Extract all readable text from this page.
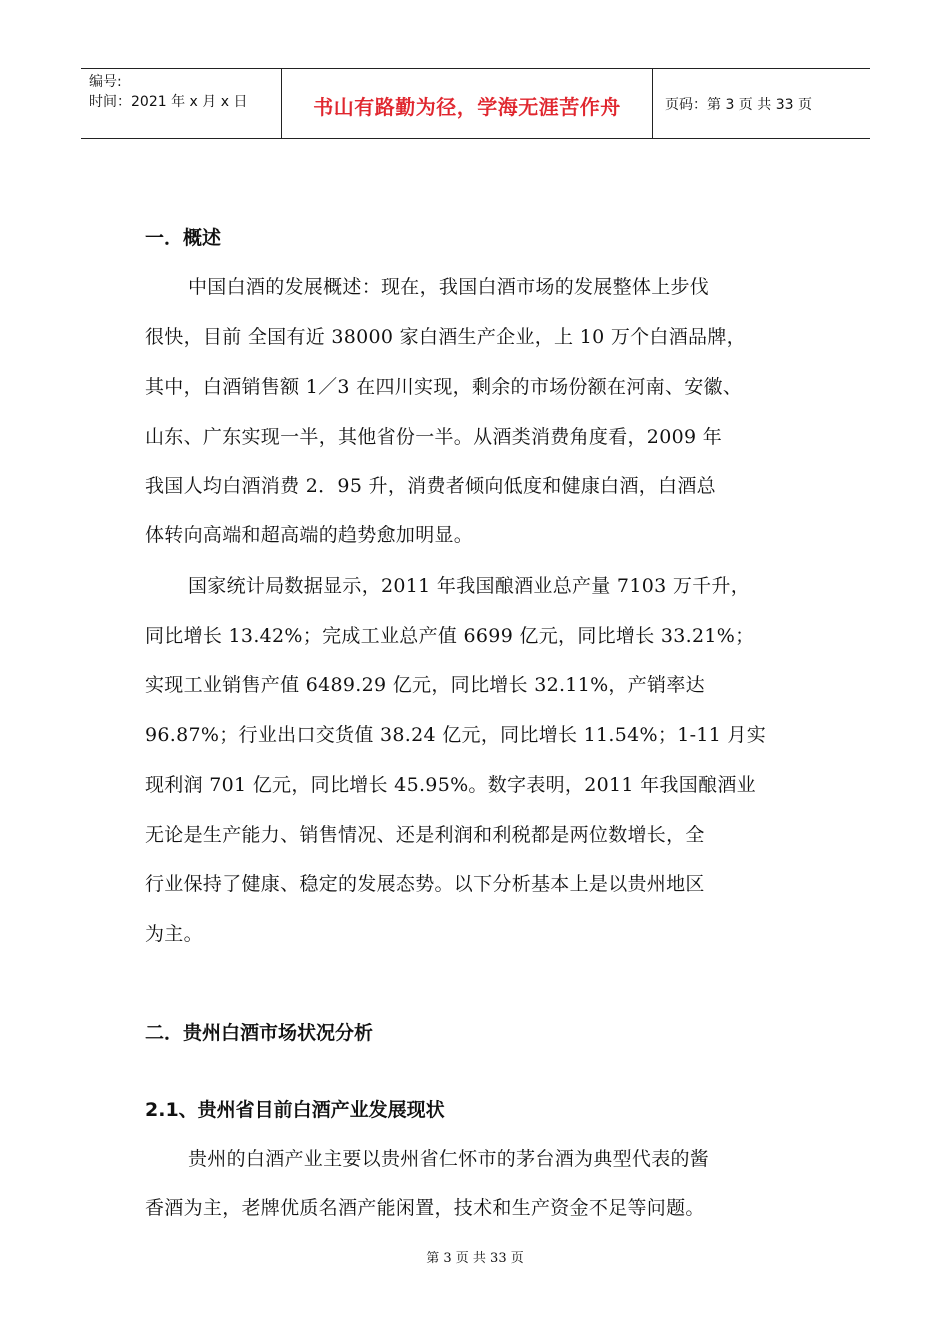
编号:
时间：2021 年 x 月 x 日	书山有路勤为径，学海无涯苦作舟	页码：第 3 页 共 33 页
一．概述
中国白酒的发展概述：现在，我国白酒市场的发展整体上步伐
很快，目前 全国有近 38000 家白酒生产企业，上 10 万个白酒品牌，
其中，白酒销售额 1／3 在四川实现，剩余的市场份额在河南、安徽、
山东、广东实现一半，其他省份一半。从酒类消费角度看，2009 年
我国人均白酒消费 2．95 升，消费者倾向低度和健康白酒，白酒总
体转向高端和超高端的趋势愈加明显。
国家统计局数据显示，2011 年我国酿酒业总产量 7103 万千升，
同比增长 13.42%；完成工业总产值 6699 亿元，同比增长 33.21%；
实现工业销售产值 6489.29 亿元，同比增长 32.11%，产销率达
96.87%；行业出口交货值 38.24 亿元，同比增长 11.54%；1-11 月实
现利润 701 亿元，同比增长 45.95%。数字表明，2011 年我国酿酒业
无论是生产能力、销售情况、还是利润和利税都是两位数增长，全
行业保持了健康、稳定的发展态势。以下分析基本上是以贵州地区
为主。
二．贵州白酒市场状况分析
2.1、贵州省目前白酒产业发展现状
贵州的白酒产业主要以贵州省仁怀市的茅台酒为典型代表的酱
香酒为主，老牌优质名酒产能闲置，技术和生产资金不足等问题。
第 3 页 共 33 页
